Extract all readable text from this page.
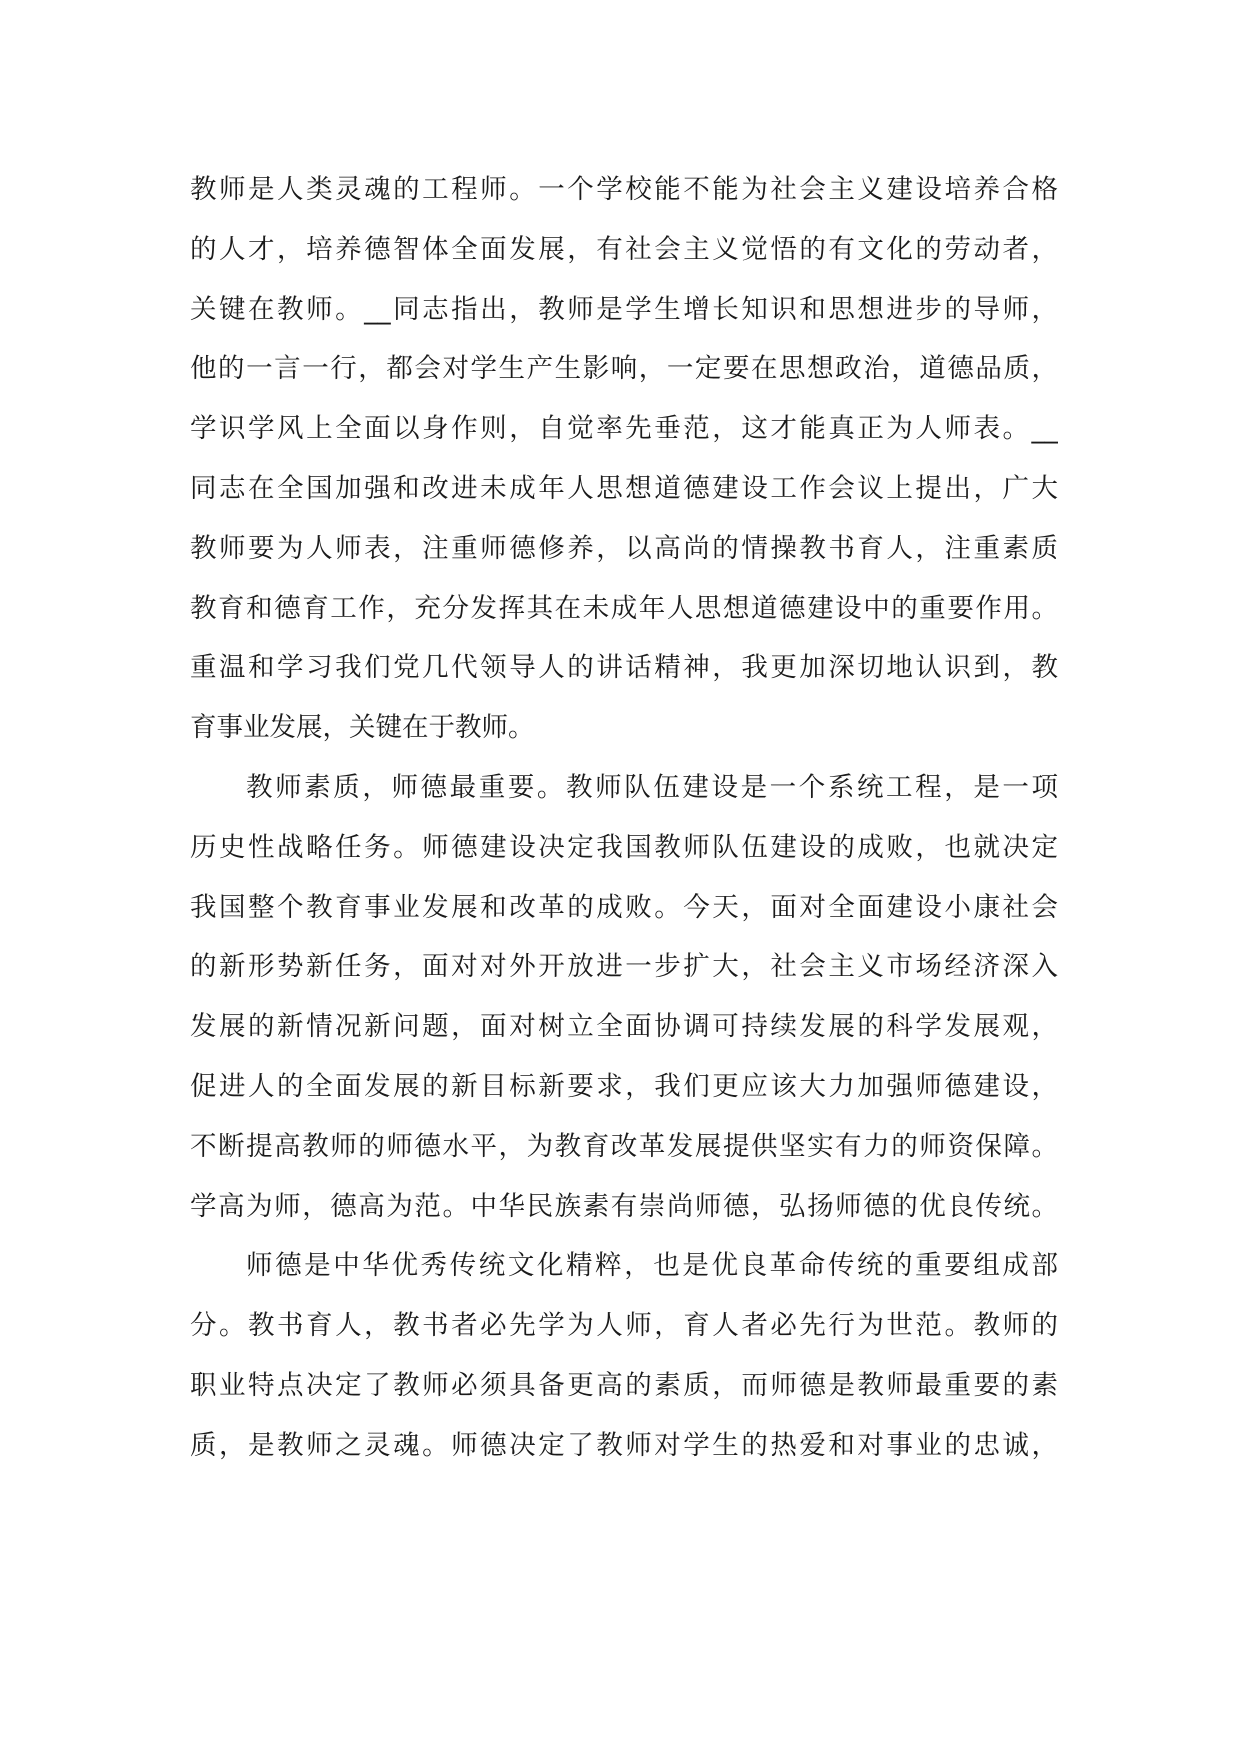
教师是人类灵魂的工程师。一个学校能不能为社会主义建设培养合格
的人才，培养德智体全面发展，有社会主义觉悟的有文化的劳动者，
关键在教师。__同志指出，教师是学生增长知识和思想进步的导师，
他的一言一行，都会对学生产生影响，一定要在思想政治，道德品质，
学识学风上全面以身作则，自觉率先垂范，这才能真正为人师表。__
同志在全国加强和改进未成年人思想道德建设工作会议上提出，广大
教师要为人师表，注重师德修养，以高尚的情操教书育人，注重素质
教育和德育工作，充分发挥其在未成年人思想道德建设中的重要作用。
重温和学习我们党几代领导人的讲话精神，我更加深切地认识到，教
育事业发展，关键在于教师。
教师素质，师德最重要。教师队伍建设是一个系统工程，是一项
历史性战略任务。师德建设决定我国教师队伍建设的成败，也就决定
我国整个教育事业发展和改革的成败。今天，面对全面建设小康社会
的新形势新任务，面对对外开放进一步扩大，社会主义市场经济深入
发展的新情况新问题，面对树立全面协调可持续发展的科学发展观，
促进人的全面发展的新目标新要求，我们更应该大力加强师德建设，
不断提高教师的师德水平，为教育改革发展提供坚实有力的师资保障。
学高为师，德高为范。中华民族素有崇尚师德，弘扬师德的优良传统。
师德是中华优秀传统文化精粹，也是优良革命传统的重要组成部
分。教书育人，教书者必先学为人师，育人者必先行为世范。教师的
职业特点决定了教师必须具备更高的素质，而师德是教师最重要的素
质，是教师之灵魂。师德决定了教师对学生的热爱和对事业的忠诚，
